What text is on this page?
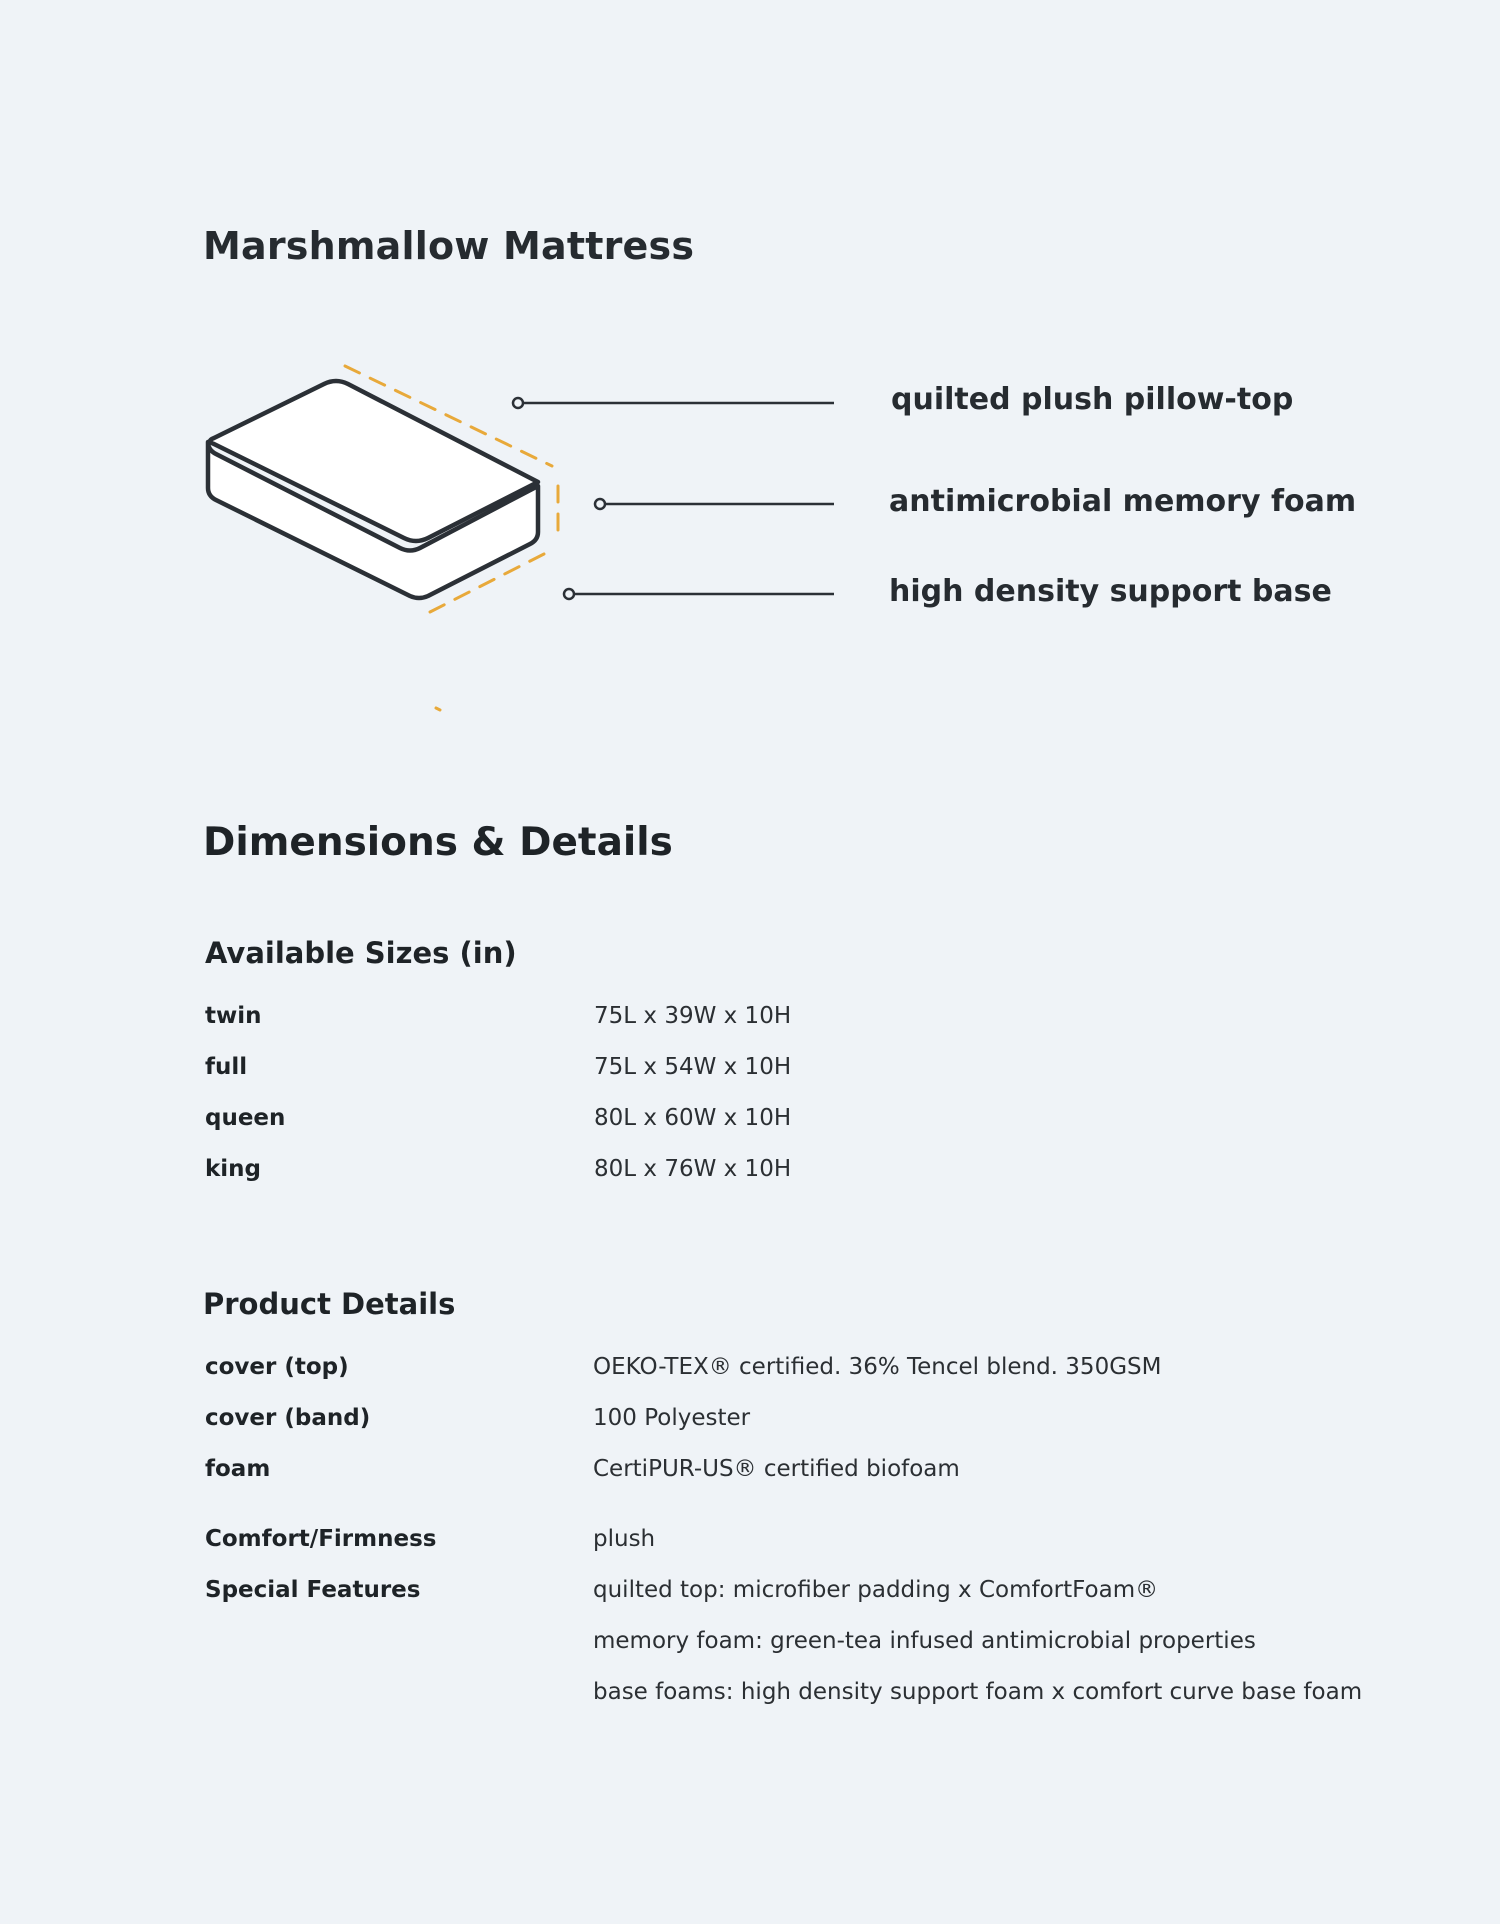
Marshmallow Mattress

quilted plush pillow-top

antimicrobial memory foam

high density support base

Dimensions & Details
Available Sizes (in)
twin	75L x 39W x 10H
full	75L x 54W x 10H
queen	80L x 60W x 10H
king	80L x 76W x 10H
Product Details
cover (top)	OEKO-TEX® certified. 36% Tencel blend. 350GSM
cover (band)	100 Polyester
foam	CertiPUR-US® certified biofoam
Comfort/Firmness	plush
Special Features	quilted top: microfiber padding x ComfortFoam®
memory foam: green-tea infused antimicrobial properties
base foams: high density support foam x comfort curve base foam
